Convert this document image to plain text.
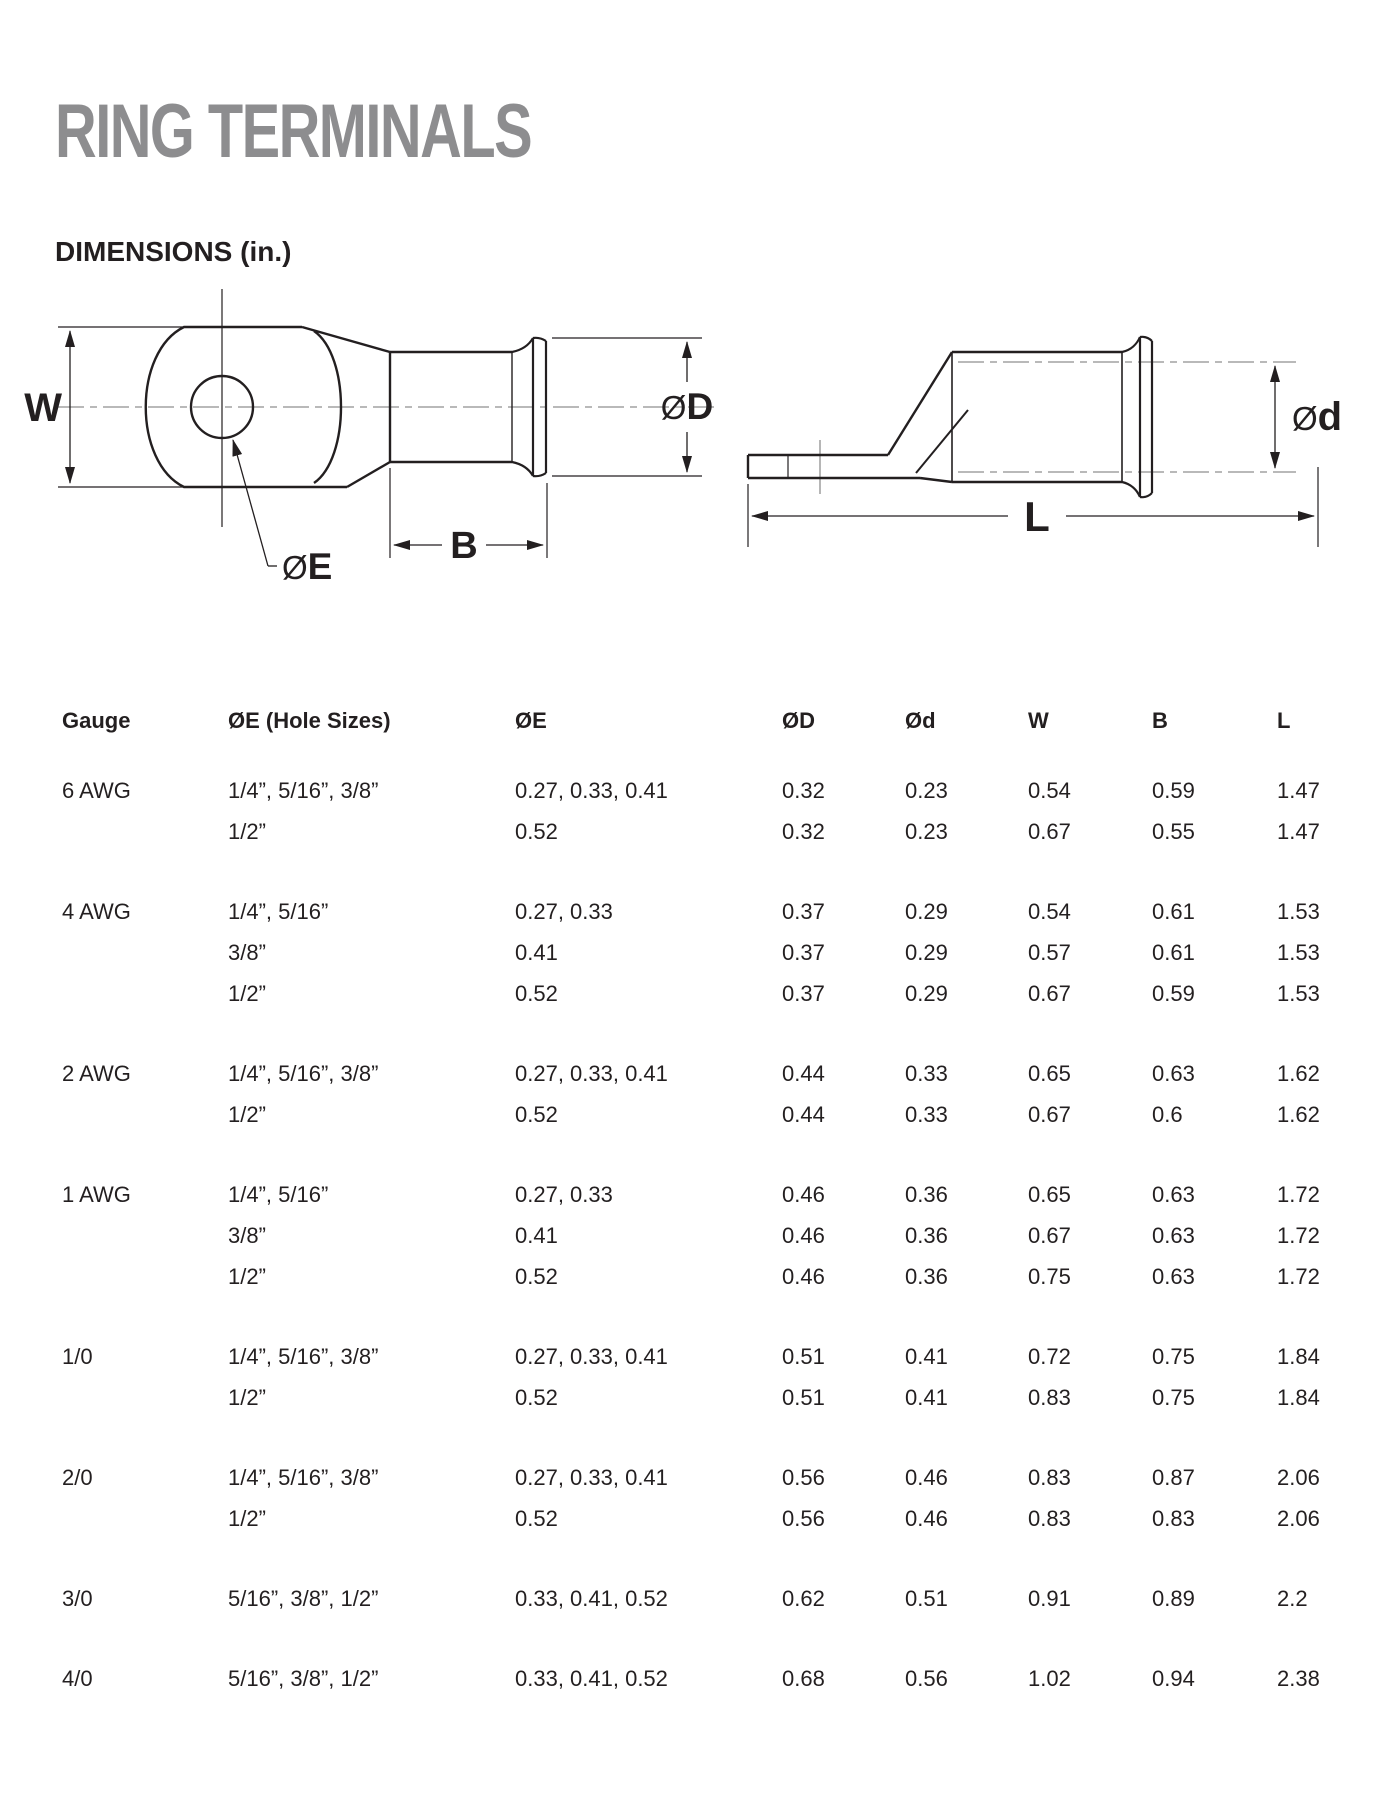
RING TERMINALS
DIMENSIONS (in.)
W	ØD
ØE	B
Ød
L
Gauge	ØE (Hole Sizes)	ØE	ØD	Ød	W	B	L
6 AWG	1/4”, 5/16”, 3/8”	0.27, 0.33, 0.41	0.32	0.23	0.54	0.59	1.47
1/2”	0.52	0.32	0.23	0.67	0.55	1.47
4 AWG	1/4”, 5/16”	0.27, 0.33	0.37	0.29	0.54	0.61	1.53
3/8”	0.41	0.37	0.29	0.57	0.61	1.53
1/2”	0.52	0.37	0.29	0.67	0.59	1.53
2 AWG	1/4”, 5/16”, 3/8”	0.27, 0.33, 0.41	0.44	0.33	0.65	0.63	1.62
1/2”	0.52	0.44	0.33	0.67	0.6	1.62
1 AWG	1/4”, 5/16”	0.27, 0.33	0.46	0.36	0.65	0.63	1.72
3/8”	0.41	0.46	0.36	0.67	0.63	1.72
1/2”	0.52	0.46	0.36	0.75	0.63	1.72
1/0	1/4”, 5/16”, 3/8”	0.27, 0.33, 0.41	0.51	0.41	0.72	0.75	1.84
1/2”	0.52	0.51	0.41	0.83	0.75	1.84
2/0	1/4”, 5/16”, 3/8”	0.27, 0.33, 0.41	0.56	0.46	0.83	0.87	2.06
1/2”	0.52	0.56	0.46	0.83	0.83	2.06
3/0	5/16”, 3/8”, 1/2”	0.33, 0.41, 0.52	0.62	0.51	0.91	0.89	2.2
4/0	5/16”, 3/8”, 1/2”	0.33, 0.41, 0.52	0.68	0.56	1.02	0.94	2.38
